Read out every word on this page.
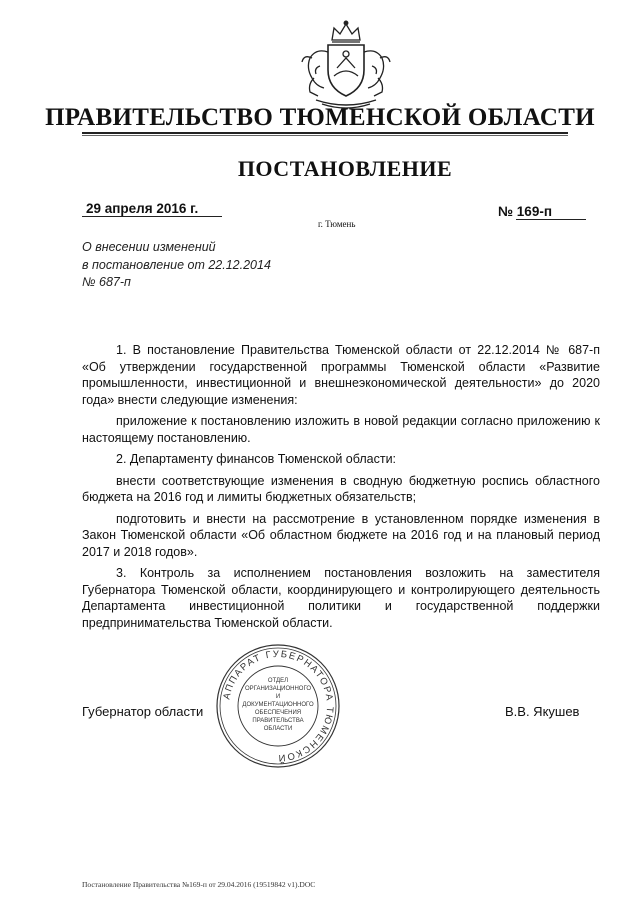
ПРАВИТЕЛЬСТВО ТЮМЕНСКОЙ ОБЛАСТИ
ПОСТАНОВЛЕНИЕ
29 апреля 2016 г.	№ 169-п
г. Тюмень
О внесении изменений
в постановление от 22.12.2014
№ 687-п

1. В постановление Правительства Тюменской области от 22.12.2014 № 687-п «Об утверждении государственной программы Тюменской области «Развитие промышленности, инвестиционной и внешнеэкономической деятельности» до 2020 года» внести следующие изменения:

приложение к постановлению изложить в новой редакции согласно приложению к настоящему постановлению.

2. Департаменту финансов Тюменской области:

внести соответствующие изменения в сводную бюджетную роспись областного бюджета на 2016 год и лимиты бюджетных обязательств;

подготовить и внести на рассмотрение в установленном порядке изменения в Закон Тюменской области «Об областном бюджете на 2016 год и на плановый период 2017 и 2018 годов».

3. Контроль за исполнением постановления возложить на заместителя Губернатора Тюменской области, координирующего и контролирующего деятельность Департамента инвестиционной политики и государственной поддержки предпринимательства Тюменской области.

АППАРАТ ГУБЕРНАТОРА ТЮМЕНСКОЙ
ОТДЕЛ
ОРГАНИЗАЦИОННОГО
И
ДОКУМЕНТАЦИОННОГО
ОБЕСПЕЧЕНИЯ
ПРАВИТЕЛЬСТВА
ОБЛАСТИ
Губернатор области	В.В. Якушев
Постановление Правительства №169-п от 29.04.2016 (19519842 v1).DOC
